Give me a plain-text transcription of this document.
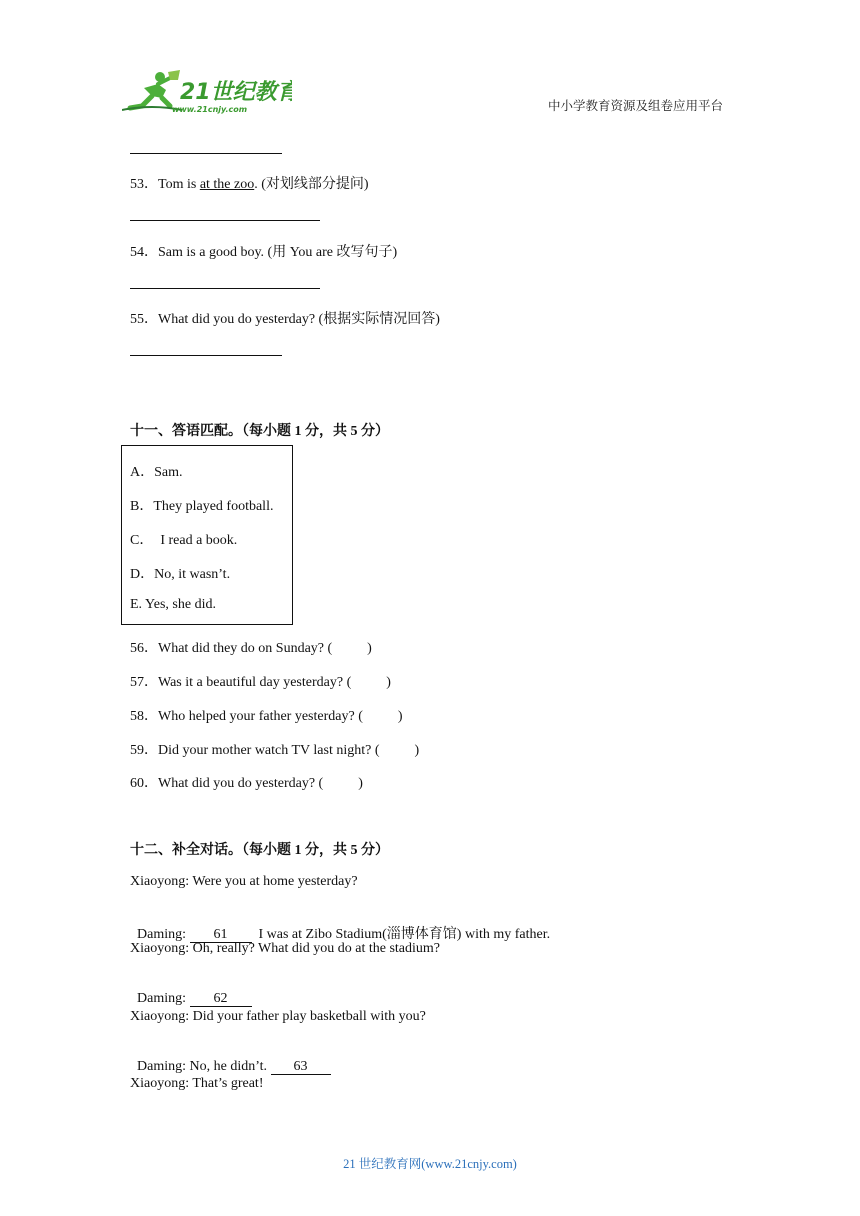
21世纪教育
www.21cnjy.com	中小学教育资源及组卷应用平台
53．Tom is at the zoo. (对划线部分提问)
54．Sam is a good boy. (用 You are 改写句子)
55．What did you do yesterday? (根据实际情况回答)
十一、答语匹配。（每小题 1 分，共 5 分）
A．Sam.
B．They played football.
C．  I read a book.
D．No, it wasn’t.
E. Yes, she did.
56．What did they do on Sunday? (          )
57．Was it a beautiful day yesterday? (          )
58．Who helped your father yesterday? (          )
59．Did your mother watch TV last night? (          )
60．What did you do yesterday? (          )
十二、补全对话。（每小题 1 分，共 5 分）
Xiaoyong: Were you at home yesterday?

Daming: 61  I was at Zibo Stadium(淄博体育馆) with my father.

Xiaoyong: Oh, really? What did you do at the stadium?

Daming: 62

Xiaoyong: Did your father play basketball with you?

Daming: No, he didn’t. 63

Xiaoyong: That’s great!
21 世纪教育网(www.21cnjy.com)
